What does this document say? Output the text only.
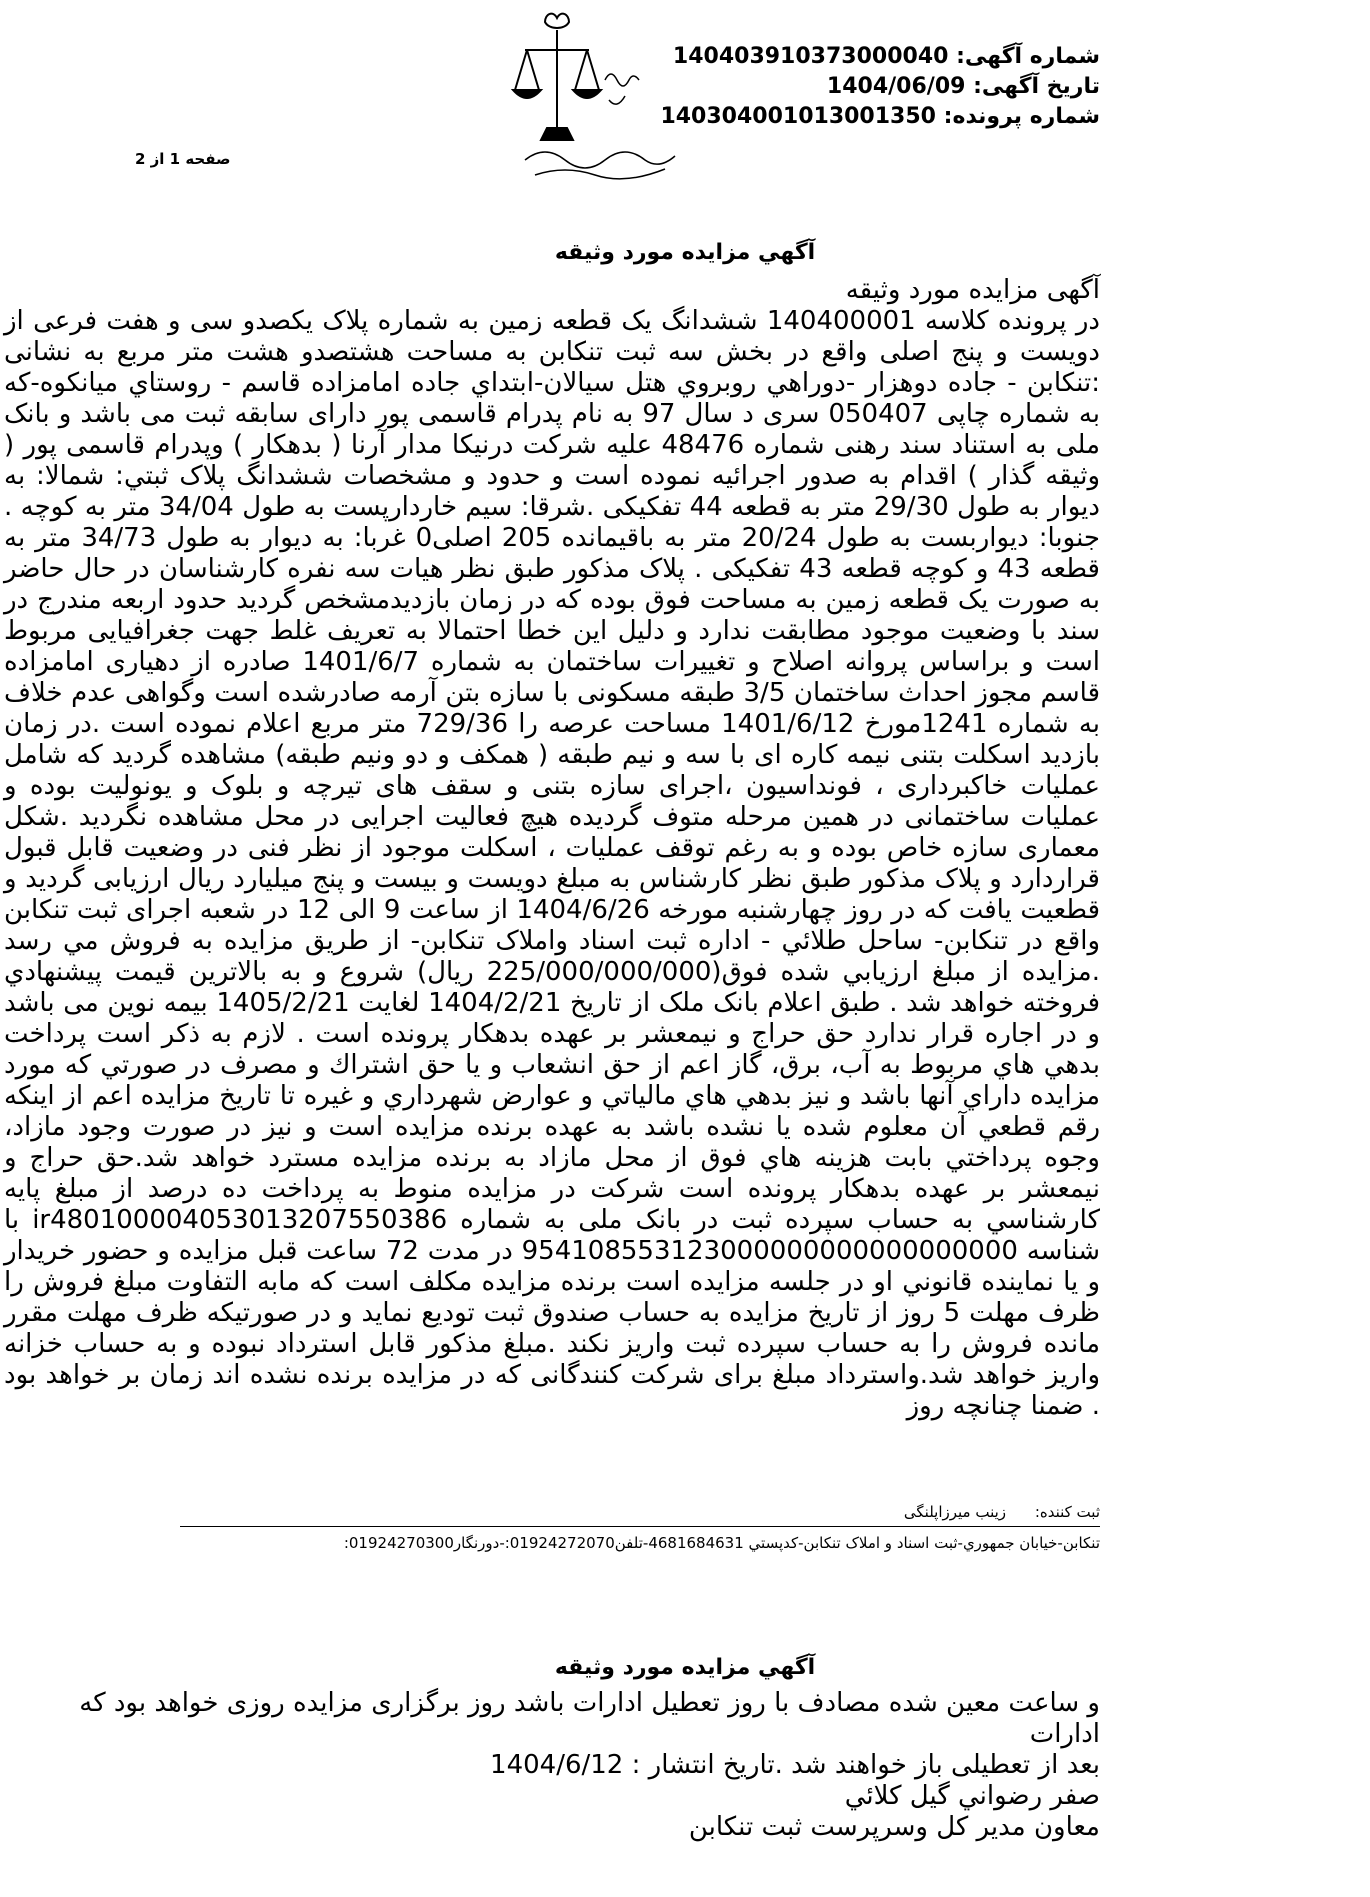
شماره آگهی: 140403910373000040
تاریخ آگهی: 1404/06/09
شماره پرونده: 140304001013001350
صفحه 1 از 2
آگهي مزايده مورد وثيقه

آگهی مزایده مورد وثیقه

در پرونده کلاسه 140400001 ششدانگ یک قطعه زمین به شماره پلاک یکصدو سی و هفت فرعی از دویست و پنج اصلی واقع در بخش سه ثبت تنکابن به مساحت هشتصدو هشت متر مربع به نشانی :تنکابن - جاده دوهزار -دوراهي روبروي هتل سيالان-ابتداي جاده امامزاده قاسم - روستاي ميانكوه-كه به شماره چاپی 050407 سری د سال 97 به نام پدرام قاسمی پور دارای سابقه ثبت می باشد و بانک ملی به استناد سند رهنی شماره 48476 علیه شرکت درنیکا مدار آرنا ( بدهکار ) وپدرام قاسمی پور ( وثیقه گذار ) اقدام به صدور اجرائیه نموده است و حدود و مشخصات ششدانگ پلاک ثبتي: شمالا: به دیوار به طول 29/30 متر به قطعه 44 تفکیکی .شرقا: سیم خاردارپست به طول 34/04 متر به کوچه . جنوبا: دیواربست به طول 20/24 متر به باقیمانده 205 اصلی0 غربا: به دیوار به طول 34/73 متر به قطعه 43 و کوچه قطعه 43 تفکیکی . پلاک مذکور طبق نظر هیات سه نفره کارشناسان در حال حاضر به صورت یک قطعه زمین به مساحت فوق بوده که در زمان بازدیدمشخص گردید حدود اربعه مندرج در سند با وضعیت موجود مطابقت ندارد و دلیل این خطا احتمالا به تعریف غلط جهت جغرافیایی مربوط است و براساس پروانه اصلاح و تغییرات ساختمان به شماره 1401/6/7 صادره از دهیاری امامزاده قاسم مجوز احداث ساختمان 3/5 طبقه مسکونی با سازه بتن آرمه صادرشده است وگواهی عدم خلاف به شماره 1241مورخ 1401/6/12 مساحت عرصه را 729/36 متر مربع اعلام نموده است .در زمان بازدید اسکلت بتنی نیمه کاره ای با سه و نیم طبقه ( همکف و دو ونیم طبقه) مشاهده گردید که شامل عملیات خاکبرداری ، فونداسیون ،اجرای سازه بتنی و سقف های تیرچه و بلوک و یونولیت بوده و عملیات ساختمانی در همین مرحله متوف گردیده هیچ فعالیت اجرایی در محل مشاهده نگردید .شکل معماری سازه خاص بوده و به رغم توقف عملیات ، اسکلت موجود از نظر فنی در وضعیت قابل قبول قراردارد و پلاک مذکور طبق نظر کارشناس به مبلغ دویست و بیست و پنج میلیارد ریال ارزیابی گردید و قطعیت یافت که در روز چهارشنبه مورخه 1404/6/26 از ساعت 9 الی 12 در شعبه اجرای ثبت تنکابن واقع در تنکابن- ساحل طلائي - اداره ثبت اسناد واملاک تنکابن- از طريق مزايده به فروش مي رسد .مزايده از مبلغ ارزيابي شده فوق(225/000/000/000 ريال) شروع و به بالاترين قيمت پيشنهادي فروخته خواهد شد . طبق اعلام بانک ملک از تاریخ 1404/2/21 لغایت 1405/2/21 بیمه نوین می باشد و در اجاره قرار ندارد حق حراج و نیمعشر بر عهده بدهکار پرونده است . لازم به ذکر است پرداخت بدهي هاي مربوط به آب، برق، گاز اعم از حق انشعاب و يا حق اشتراك و مصرف در صورتي كه مورد مزايده داراي آنها باشد و نيز بدهي هاي مالياتي و عوارض شهرداري و غيره تا تاريخ مزايده اعم از اينكه رقم قطعي آن معلوم شده يا نشده باشد به عهده برنده مزايده است و نيز در صورت وجود مازاد، وجوه پرداختي بابت هزينه هاي فوق از محل مازاد به برنده مزايده مسترد خواهد شد.حق حراج و نیمعشر بر عهده بدهکار پرونده است شرکت در مزایده منوط به پرداخت ده درصد از مبلغ پایه کارشناسي به حساب سپرده ثبت در بانک ملی به شماره ir480100004053013207550386 با شناسه 954108553123000000000000000000 در مدت 72 ساعت قبل مزایده و حضور خریدار و یا نماینده قانوني او در جلسه مزايده است برنده مزايده مکلف است که مابه التفاوت مبلغ فروش را ظرف مهلت 5 روز از تاريخ مزايده به حساب صندوق ثبت توديع نمايد و در صورتيكه ظرف مهلت مقرر مانده فروش را به حساب سپرده ثبت واريز نكند .مبلغ مذکور قابل استرداد نبوده و به حساب خزانه واریز خواهد شد.واسترداد مبلغ برای شرکت کنندگانی که در مزایده برنده نشده اند زمان بر خواهد بود . ضمنا چنانچه روز

ثبت کننده: زینب میرزاپلنگی
تنکابن-خيابان جمهوري-ثبت اسناد و املاک تنکابن-کدپستي 4681684631-تلفن01924272070:-دورنگار01924270300:
آگهي مزايده مورد وثيقه

و ساعت معین شده مصادف با روز تعطیل ادارات باشد روز برگزاری مزایده روزی خواهد بود که ادارات

بعد از تعطیلی باز خواهند شد .تاریخ انتشار : 1404/6/12

صفر رضواني گيل كلائي

معاون مدير كل وسرپرست ثبت تنكابن
